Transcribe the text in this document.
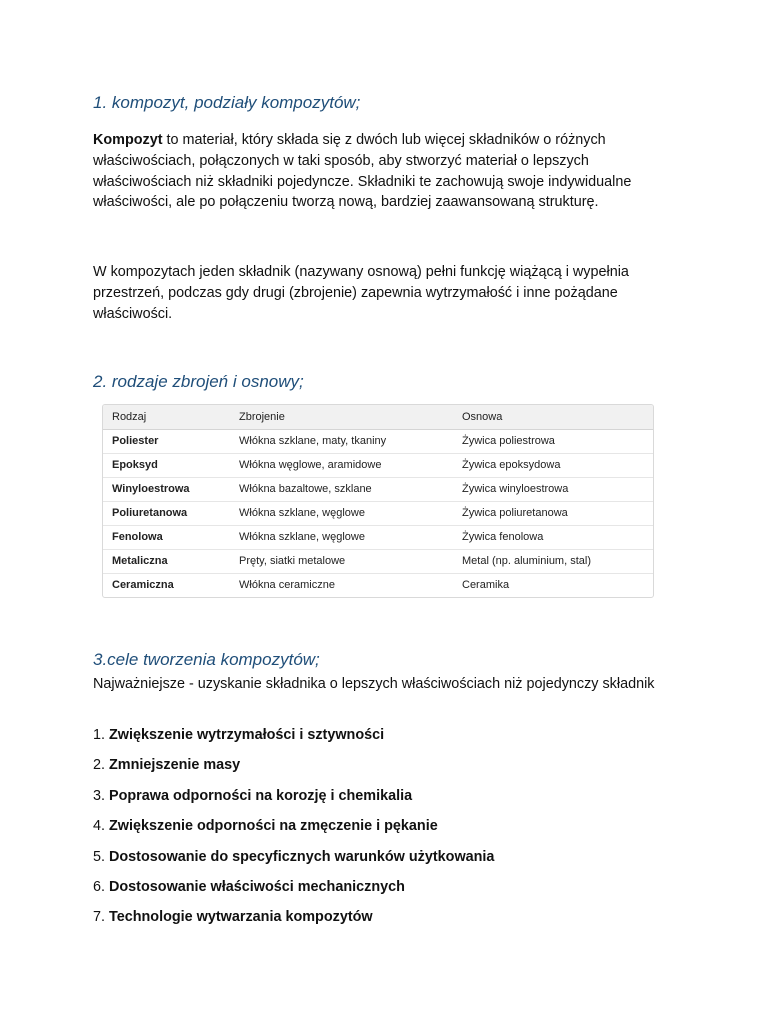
1. kompozyt, podziały kompozytów;

Kompozyt to materiał, który składa się z dwóch lub więcej składników o różnych właściwościach, połączonych w taki sposób, aby stworzyć materiał o lepszych właściwościach niż składniki pojedyncze. Składniki te zachowują swoje indywidualne właściwości, ale po połączeniu tworzą nową, bardziej zaawansowaną strukturę.

W kompozytach jeden składnik (nazywany osnową) pełni funkcję wiążącą i wypełnia przestrzeń, podczas gdy drugi (zbrojenie) zapewnia wytrzymałość i inne pożądane właściwości.

2. rodzaje zbrojeń i osnowy;
Rodzaj	Zbrojenie	Osnowa
Poliester	Włókna szklane, maty, tkaniny	Żywica poliestrowa
Epoksyd	Włókna węglowe, aramidowe	Żywica epoksydowa
Winyloestrowa	Włókna bazaltowe, szklane	Żywica winyloestrowa
Poliuretanowa	Włókna szklane, węglowe	Żywica poliuretanowa
Fenolowa	Włókna szklane, węglowe	Żywica fenolowa
Metaliczna	Pręty, siatki metalowe	Metal (np. aluminium, stal)
Ceramiczna	Włókna ceramiczne	Ceramika
3.cele tworzenia kompozytów;

Najważniejsze - uzyskanie składnika o lepszych właściwościach niż pojedynczy składnik

1. Zwiększenie wytrzymałości i sztywności
2. Zmniejszenie masy
3. Poprawa odporności na korozję i chemikalia
4. Zwiększenie odporności na zmęczenie i pękanie
5. Dostosowanie do specyficznych warunków użytkowania
6. Dostosowanie właściwości mechanicznych
7. Technologie wytwarzania kompozytów
